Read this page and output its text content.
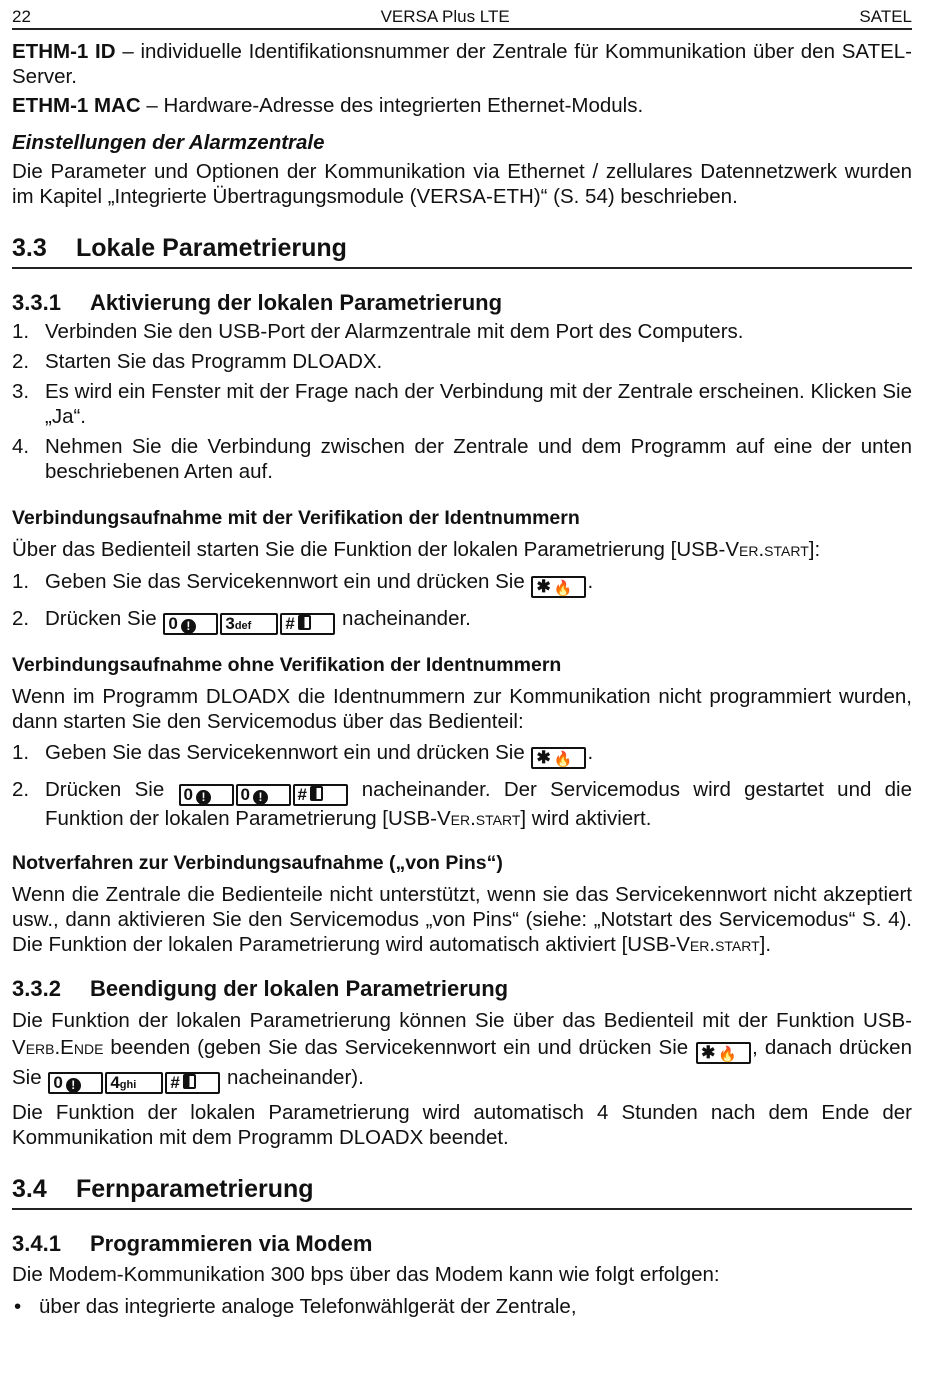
22	VERSA Plus LTE	SATEL
ETHM-1 ID – individuelle Identifikationsnummer der Zentrale für Kommunikation über den SATEL-Server.
ETHM-1 MAC – Hardware-Adresse des integrierten Ethernet-Moduls.
Einstellungen der Alarmzentrale
Die Parameter und Optionen der Kommunikation via Ethernet / zellulares Datennetzwerk wurden im Kapitel „Integrierte Übertragungsmodule (VERSA-ETH)“ (S. 54) beschrieben.
3.3 Lokale Parametrierung
3.3.1 Aktivierung der lokalen Parametrierung
1. Verbinden Sie den USB-Port der Alarmzentrale mit dem Port des Computers.
2. Starten Sie das Programm DLOADX.
3. Es wird ein Fenster mit der Frage nach der Verbindung mit der Zentrale erscheinen. Klicken Sie „Ja“.
4. Nehmen Sie die Verbindung zwischen der Zentrale und dem Programm auf eine der unten beschriebenen Arten auf.
Verbindungsaufnahme mit der Verifikation der Identnummern
Über das Bedienteil starten Sie die Funktion der lokalen Parametrierung [USB-Ver.start]:
1. Geben Sie das Servicekennwort ein und drücken Sie ✱ 🔥 .
2. Drücken Sie 0 ! 3def # nacheinander.
Verbindungsaufnahme ohne Verifikation der Identnummern
Wenn im Programm DLOADX die Identnummern zur Kommunikation nicht programmiert wurden, dann starten Sie den Servicemodus über das Bedienteil:
1. Geben Sie das Servicekennwort ein und drücken Sie ✱ 🔥 .
2. Drücken Sie 0 ! 0 ! # nacheinander. Der Servicemodus wird gestartet und die Funktion der lokalen Parametrierung [USB-Ver.start] wird aktiviert.
Notverfahren zur Verbindungsaufnahme („von Pins“)
Wenn die Zentrale die Bedienteile nicht unterstützt, wenn sie das Servicekennwort nicht akzeptiert usw., dann aktivieren Sie den Servicemodus „von Pins“ (siehe: „Notstart des Servicemodus“ S. 4). Die Funktion der lokalen Parametrierung wird automatisch aktiviert [USB-Ver.start].
3.3.2 Beendigung der lokalen Parametrierung
Die Funktion der lokalen Parametrierung können Sie über das Bedienteil mit der Funktion USB-Verb.Ende beenden (geben Sie das Servicekennwort ein und drücken Sie ✱ 🔥 , danach drücken Sie 0 ! 4ghi # nacheinander).
Die Funktion der lokalen Parametrierung wird automatisch 4 Stunden nach dem Ende der Kommunikation mit dem Programm DLOADX beendet.
3.4 Fernparametrierung
3.4.1 Programmieren via Modem
Die Modem-Kommunikation 300 bps über das Modem kann wie folgt erfolgen:
• über das integrierte analoge Telefonwählgerät der Zentrale,
